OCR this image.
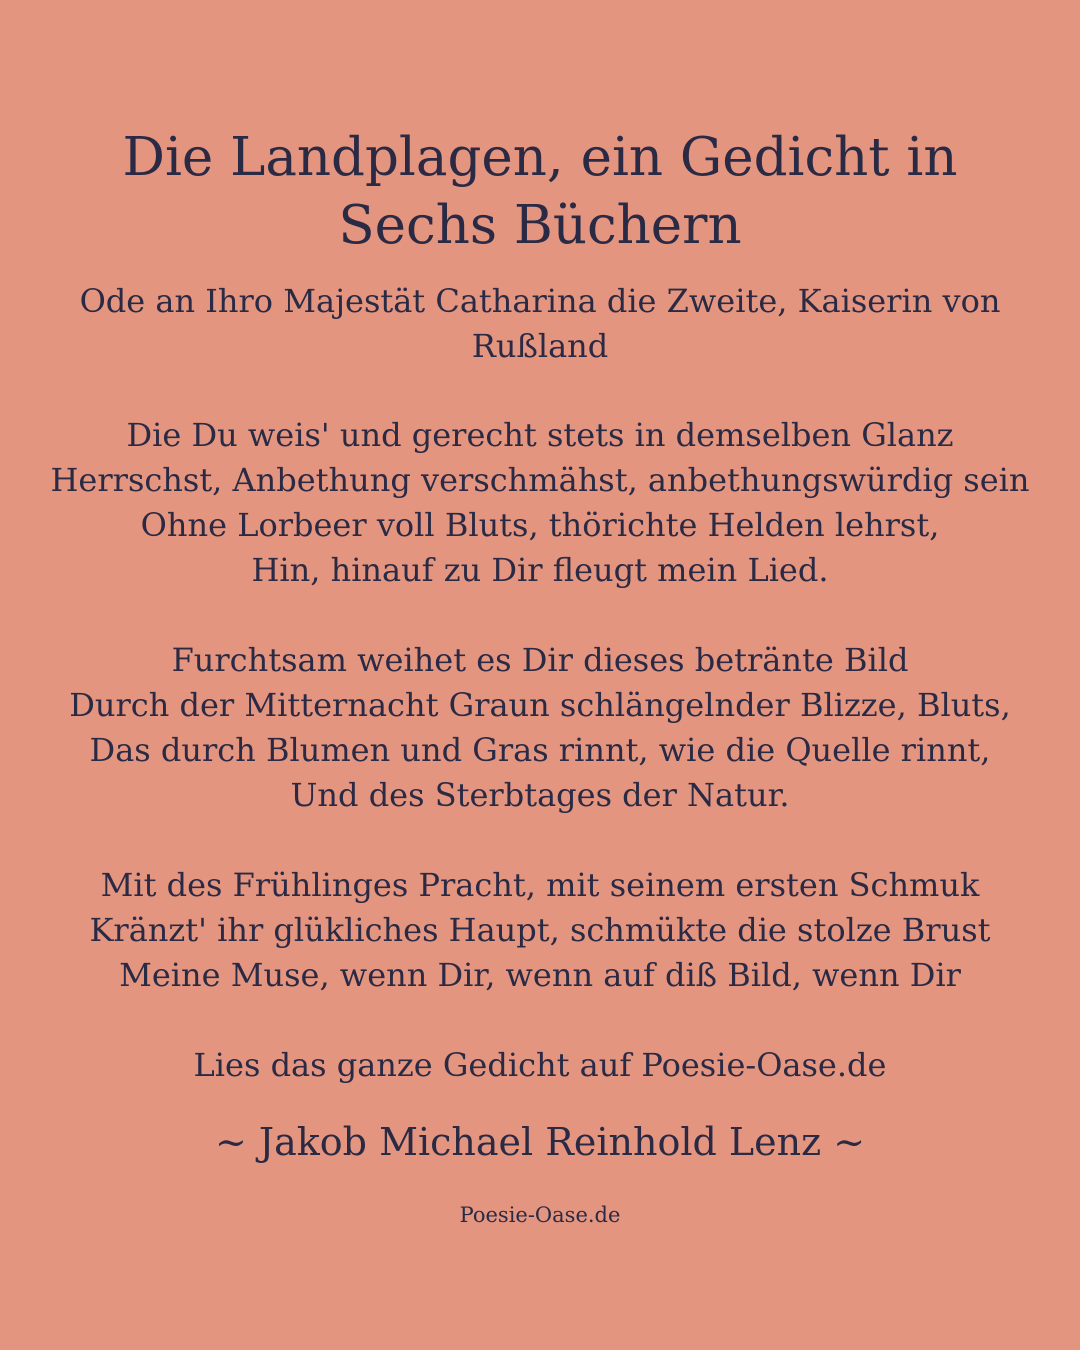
Die Landplagen, ein Gedicht in Sechs Büchern
Ode an Ihro Majestät Catharina die Zweite, Kaiserin von Rußland
Die Du weis' und gerecht stets in demselben Glanz
Herrschst, Anbethung verschmähst, anbethungswürdig sein
Ohne Lorbeer voll Bluts, thörichte Helden lehrst,
Hin, hinauf zu Dir fleugt mein Lied.
Furchtsam weihet es Dir dieses betränte Bild
Durch der Mitternacht Graun schlängelnder Blizze, Bluts,
Das durch Blumen und Gras rinnt, wie die Quelle rinnt,
Und des Sterbtages der Natur.
Mit des Frühlinges Pracht, mit seinem ersten Schmuk
Kränzt' ihr glükliches Haupt, schmükte die stolze Brust
Meine Muse, wenn Dir, wenn auf diß Bild, wenn Dir

Lies das ganze Gedicht auf Poesie-Oase.de

~ Jakob Michael Reinhold Lenz ~

Poesie-Oase.de
